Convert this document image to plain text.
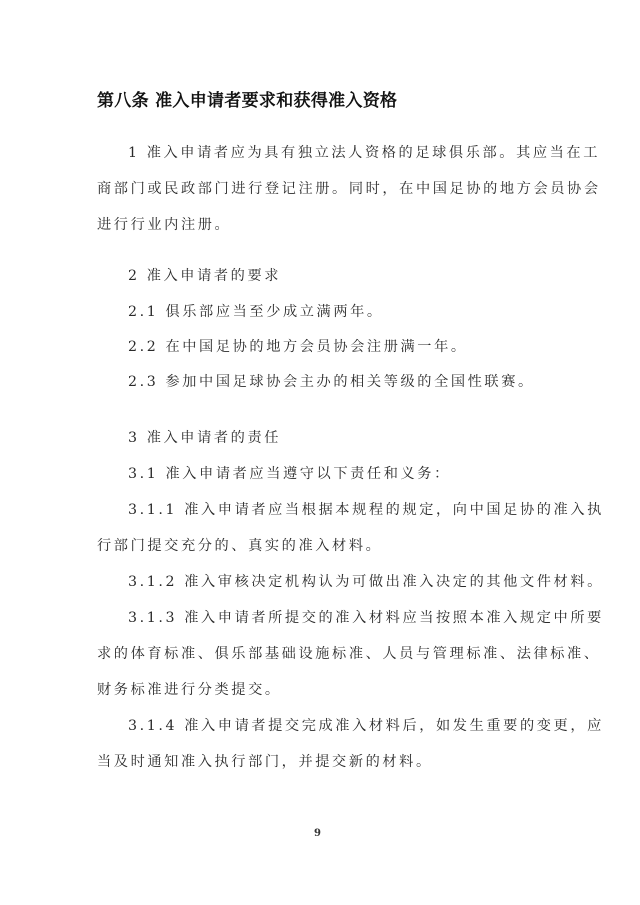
第八条 准入申请者要求和获得准入资格
1 准入申请者应为具有独立法人资格的足球俱乐部。其应当在工
商部门或民政部门进行登记注册。同时，在中国足协的地方会员协会
进行行业内注册。
2 准入申请者的要求
2.1 俱乐部应当至少成立满两年。
2.2 在中国足协的地方会员协会注册满一年。
2.3 参加中国足球协会主办的相关等级的全国性联赛。
3 准入申请者的责任
3.1 准入申请者应当遵守以下责任和义务：
3.1.1 准入申请者应当根据本规程的规定，向中国足协的准入执
行部门提交充分的、真实的准入材料。
3.1.2 准入审核决定机构认为可做出准入决定的其他文件材料。
3.1.3 准入申请者所提交的准入材料应当按照本准入规定中所要
求的体育标准、俱乐部基础设施标准、人员与管理标准、法律标准、
财务标准进行分类提交。
3.1.4 准入申请者提交完成准入材料后，如发生重要的变更，应
当及时通知准入执行部门，并提交新的材料。
9
